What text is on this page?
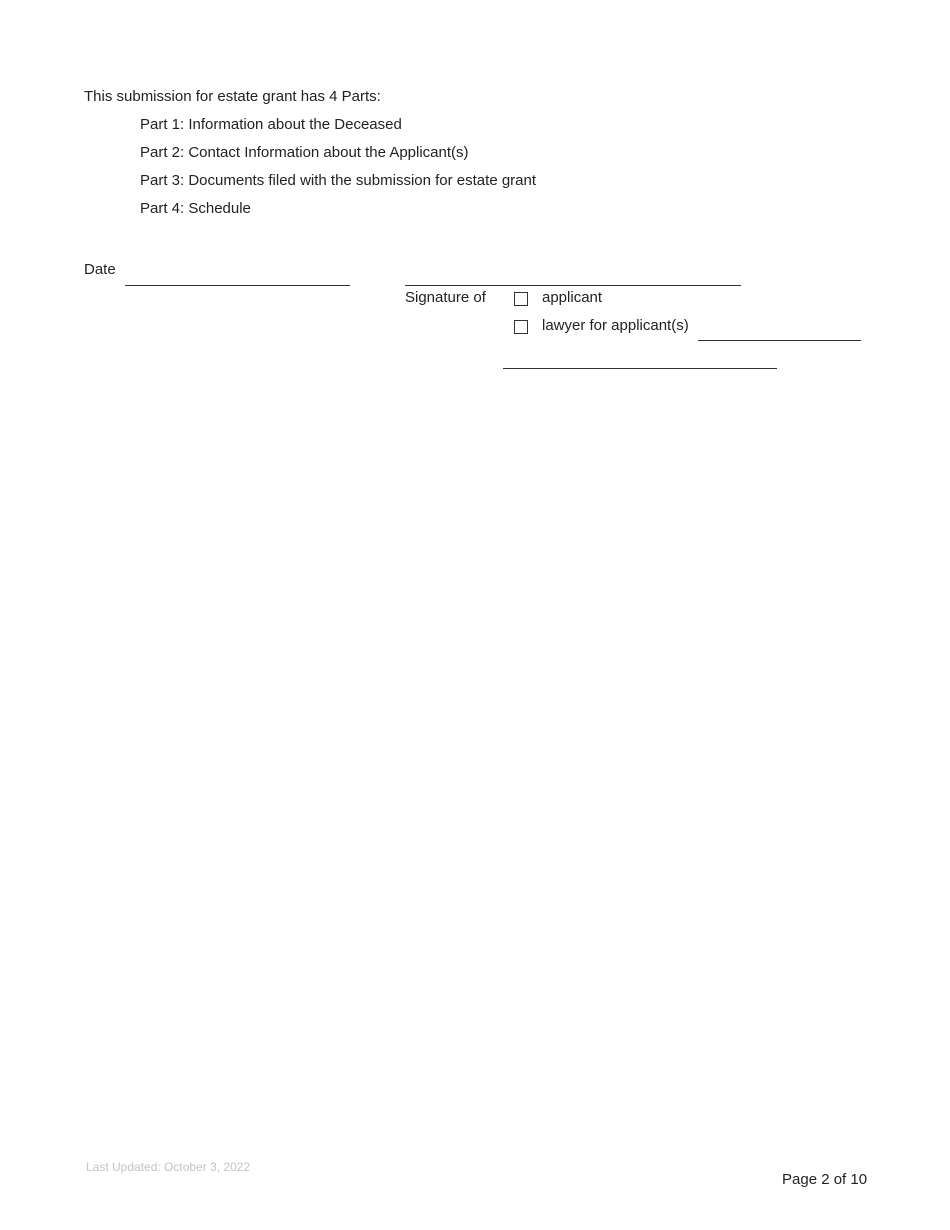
This submission for estate grant has 4 Parts:
Part 1: Information about the Deceased
Part 2: Contact Information about the Applicant(s)
Part 3: Documents filed with the submission for estate grant
Part 4: Schedule
Date
Signature of	applicant
lawyer for applicant(s)
Last Updated: October 3, 2022
Page 2 of 10
